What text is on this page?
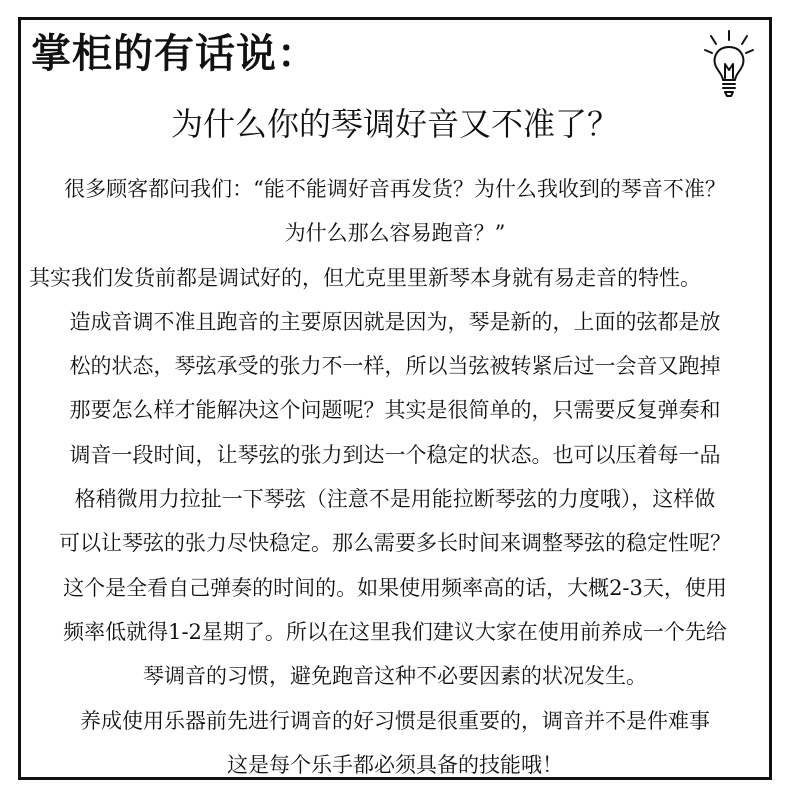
掌柜的有话说：
为什么你的琴调好音又不准了？

很多顾客都问我们：“能不能调好音再发货？为什么我收到的琴音不准？

为什么那么容易跑音？”

其实我们发货前都是调试好的，但尤克里里新琴本身就有易走音的特性。

造成音调不准且跑音的主要原因就是因为，琴是新的，上面的弦都是放

松的状态，琴弦承受的张力不一样，所以当弦被转紧后过一会音又跑掉

那要怎么样才能解决这个问题呢？其实是很简单的，只需要反复弹奏和

调音一段时间，让琴弦的张力到达一个稳定的状态。也可以压着每一品

格稍微用力拉扯一下琴弦（注意不是用能拉断琴弦的力度哦），这样做

可以让琴弦的张力尽快稳定。那么需要多长时间来调整琴弦的稳定性呢？

这个是全看自己弹奏的时间的。如果使用频率高的话，大概2-3天，使用

频率低就得1-2星期了。所以在这里我们建议大家在使用前养成一个先给

琴调音的习惯，避免跑音这种不必要因素的状况发生。

养成使用乐器前先进行调音的好习惯是很重要的，调音并不是件难事

这是每个乐手都必须具备的技能哦！
